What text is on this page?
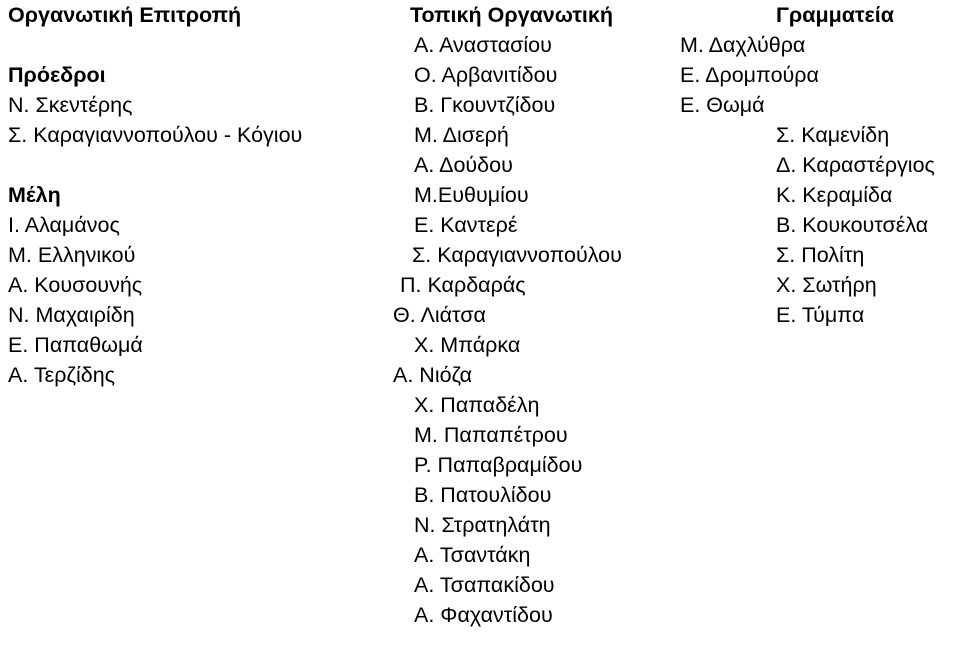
Οργανωτική Επιτροπή
Πρόεδροι
Ν. Σκεντέρης
Σ. Καραγιαννοπούλου - Κόγιου
Μέλη
Ι. Αλαμάνος
Μ. Ελληνικού
Α. Κουσουνής
Ν. Μαχαιρίδη
Ε. Παπαθωμά
Α. Τερζίδης
Τοπική Οργανωτική
Α. Αναστασίου
Ο. Αρβανιτίδου
Β. Γκουντζίδου
Μ. Δισερή
Α. Δούδου
Μ.Ευθυμίου
Ε. Καντερέ
Σ. Καραγιαννοπούλου
Π. Καρδαράς
Θ. Λιάτσα
Χ. Μπάρκα
Α. Νιόζα
Χ. Παπαδέλη
Μ. Παπαπέτρου
Ρ. Παπαβραμίδου
Β. Πατουλίδου
Ν. Στρατηλάτη
Α. Τσαντάκη
Α. Τσαπακίδου
Α. Φαχαντίδου
Γραμματεία
Μ. Δαχλύθρα
Ε. Δρομπούρα
Ε. Θωμά
Σ. Καμενίδη
Δ. Καραστέργιος
Κ. Κεραμίδα
Β. Κουκουτσέλα
Σ. Πολίτη
Χ. Σωτήρη
Ε. Τύμπα
